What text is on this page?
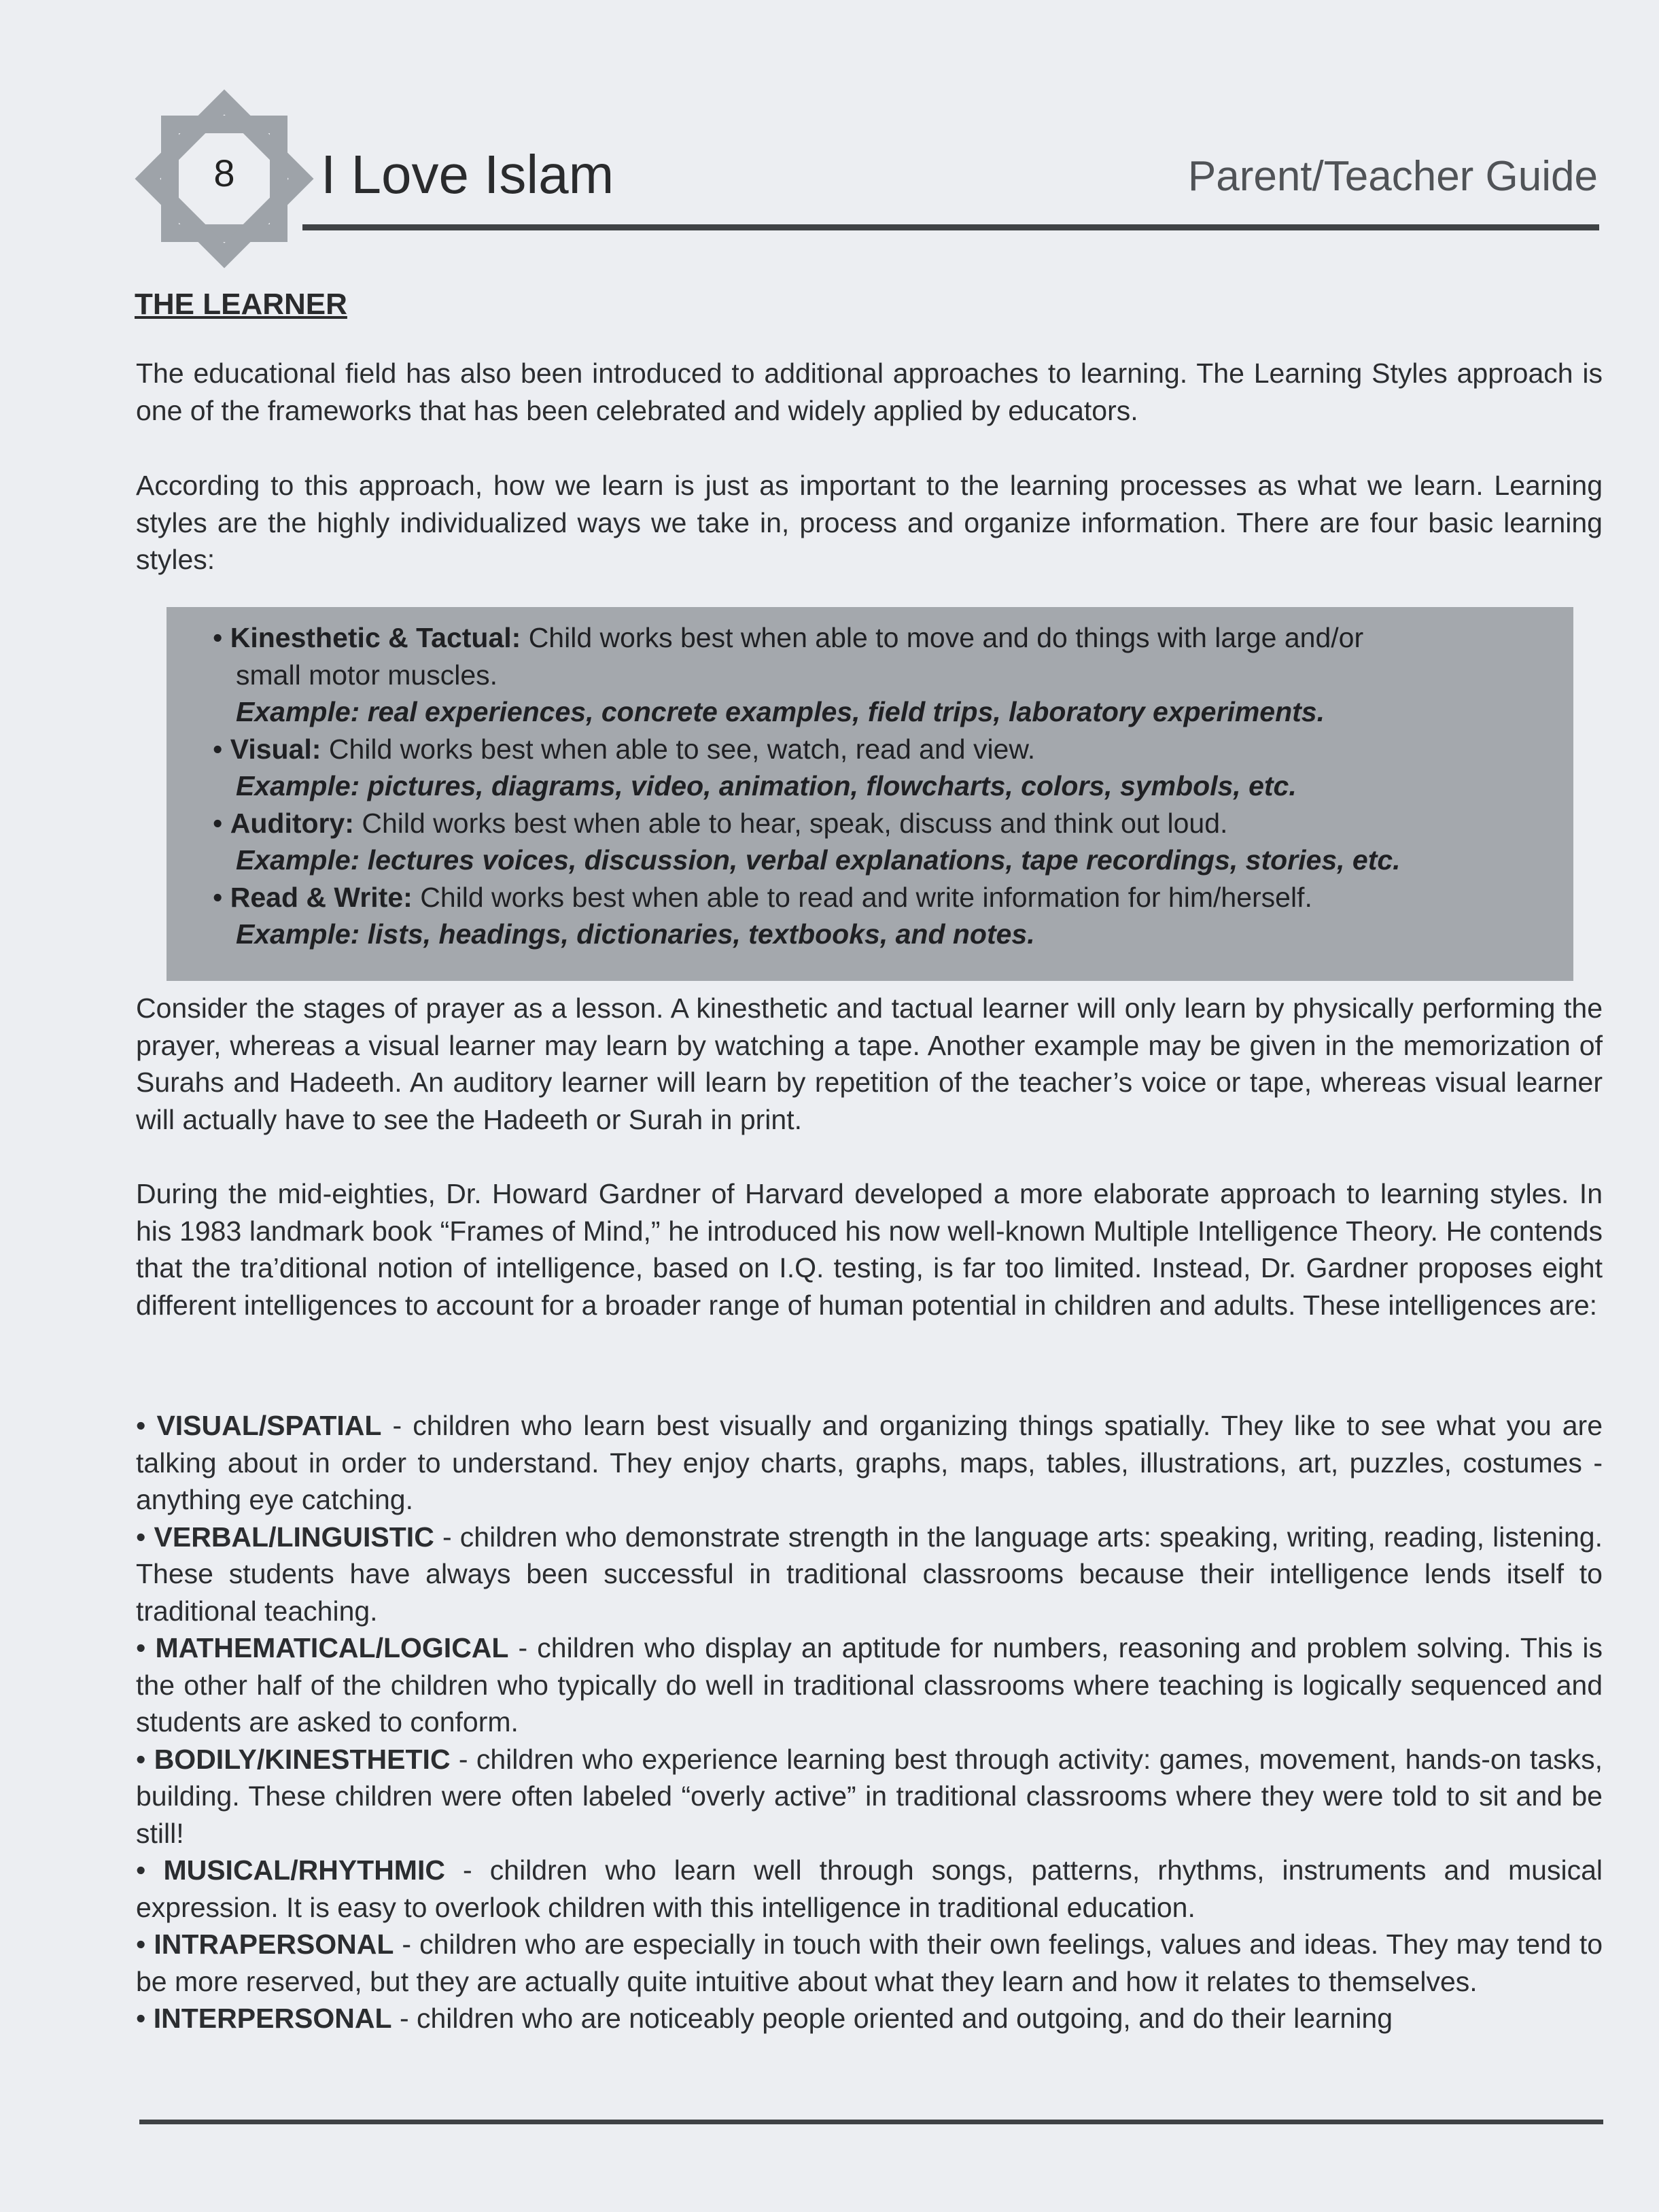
8 I Love Islam	Parent/Teacher Guide
THE LEARNER

The educational field has also been introduced to additional approaches to learning. The Learning Styles approach is one of the frameworks that has been celebrated and widely applied by educators.

According to this approach, how we learn is just as important to the learning processes as what we learn. Learning styles are the highly individualized ways we take in, process and organize information. There are four basic learning styles:

• Kinesthetic & Tactual: Child works best when able to move and do things with large and/or
small motor muscles.
Example: real experiences, concrete examples, field trips, laboratory experiments.
• Visual: Child works best when able to see, watch, read and view.
Example: pictures, diagrams, video, animation, flowcharts, colors, symbols, etc.
• Auditory: Child works best when able to hear, speak, discuss and think out loud.
Example: lectures voices, discussion, verbal explanations, tape recordings, stories, etc.
• Read & Write: Child works best when able to read and write information for him/herself.
Example: lists, headings, dictionaries, textbooks, and notes.

Consider the stages of prayer as a lesson. A kinesthetic and tactual learner will only learn by physically performing the prayer, whereas a visual learner may learn by watching a tape. Another example may be given in the memorization of Surahs and Hadeeth. An auditory learner will learn by repetition of the teacher’s voice or tape, whereas visual learner will actually have to see the Hadeeth or Surah in print.

During the mid-eighties, Dr. Howard Gardner of Harvard developed a more elaborate approach to learning styles. In his 1983 landmark book “Frames of Mind,” he introduced his now well-known Multiple Intelligence Theory. He contends that the tra’ditional notion of intelligence, based on I.Q. testing, is far too limited. Instead, Dr. Gardner proposes eight different intelligences to account for a broader range of human potential in children and adults. These intelligences are:

• VISUAL/SPATIAL - children who learn best visually and organizing things spatially. They like to see what you are talking about in order to understand. They enjoy charts, graphs, maps, tables, illustrations, art, puzzles, costumes - anything eye catching.

• VERBAL/LINGUISTIC - children who demonstrate strength in the language arts: speaking, writing, reading, listening. These students have always been successful in traditional classrooms because their intelligence lends itself to traditional teaching.

• MATHEMATICAL/LOGICAL - children who display an aptitude for numbers, reasoning and problem solving. This is the other half of the children who typically do well in traditional classrooms where teaching is logically sequenced and students are asked to conform.

• BODILY/KINESTHETIC - children who experience learning best through activity: games, movement, hands-on tasks, building. These children were often labeled “overly active” in traditional classrooms where they were told to sit and be still!

• MUSICAL/RHYTHMIC - children who learn well through songs, patterns, rhythms, instruments and musical expression. It is easy to overlook children with this intelligence in traditional education.

• INTRAPERSONAL - children who are especially in touch with their own feelings, values and ideas. They may tend to be more reserved, but they are actually quite intuitive about what they learn and how it relates to themselves.

• INTERPERSONAL - children who are noticeably people oriented and outgoing, and do their learning
